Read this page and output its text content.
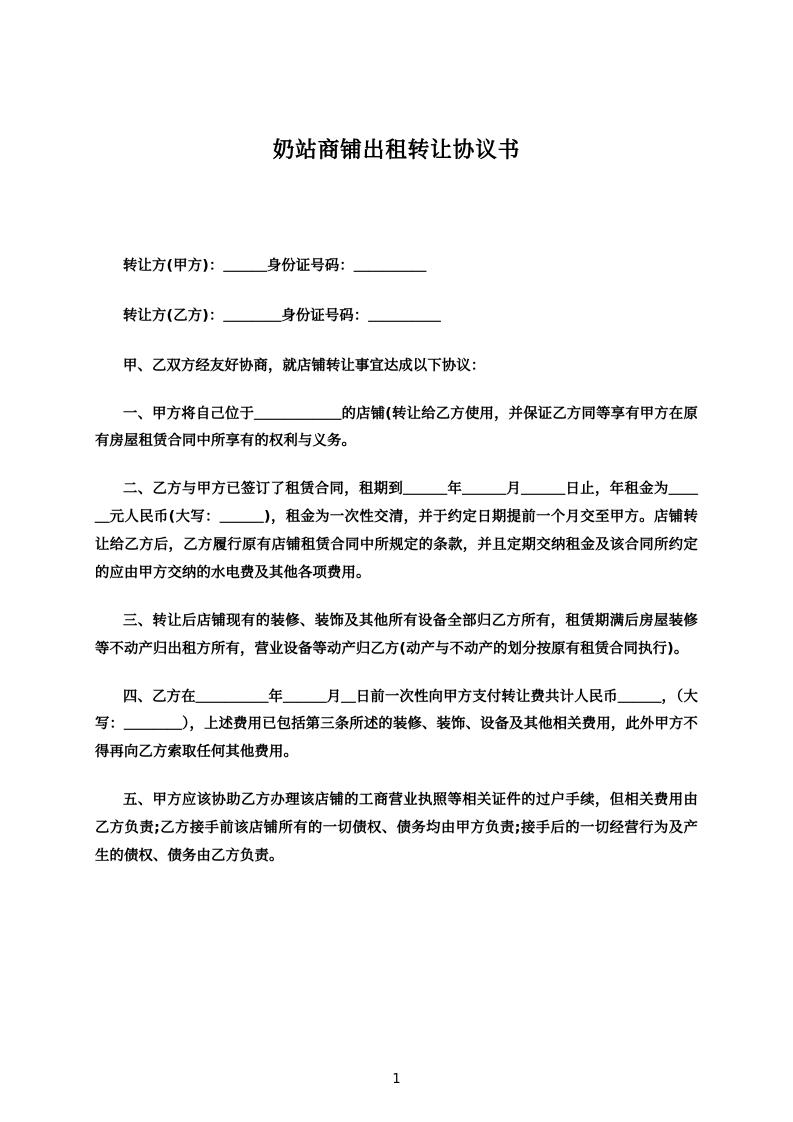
奶站商铺出租转让协议书

转让方(甲方)：＿＿＿身份证号码：＿＿＿＿＿

转让方(乙方)：＿＿＿＿身份证号码：＿＿＿＿＿

甲、乙双方经友好协商，就店铺转让事宜达成以下协议：

一、甲方将自己位于＿＿＿＿＿＿的店铺(转让给乙方使用，并保证乙方同等享有甲方在原有房屋租赁合同中所享有的权利与义务。

二、乙方与甲方已签订了租赁合同，租期到＿＿＿年＿＿＿月＿＿＿日止，年租金为＿＿＿元人民币(大写：＿＿＿)，租金为一次性交清，并于约定日期提前一个月交至甲方。店铺转让给乙方后，乙方履行原有店铺租赁合同中所规定的条款，并且定期交纳租金及该合同所约定的应由甲方交纳的水电费及其他各项费用。

三、转让后店铺现有的装修、装饰及其他所有设备全部归乙方所有，租赁期满后房屋装修等不动产归出租方所有，营业设备等动产归乙方(动产与不动产的划分按原有租赁合同执行)。

四、乙方在＿＿＿＿＿年＿＿＿月＿日前一次性向甲方支付转让费共计人民币＿＿＿，（大写：＿＿＿＿），上述费用已包括第三条所述的装修、装饰、设备及其他相关费用，此外甲方不得再向乙方索取任何其他费用。

五、甲方应该协助乙方办理该店铺的工商营业执照等相关证件的过户手续，但相关费用由乙方负责;乙方接手前该店铺所有的一切债权、债务均由甲方负责;接手后的一切经营行为及产生的债权、债务由乙方负责。

1
